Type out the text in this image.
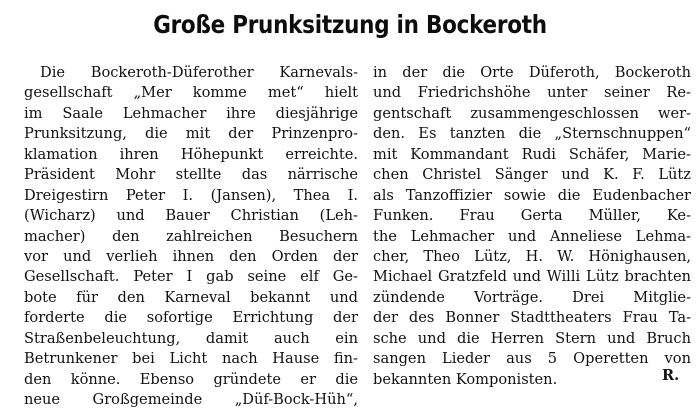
Große Prunksitzung in Bockeroth
Die Bockeroth-Düferother Karnevals-
gesellschaft „Mer komme met“ hielt
im Saale Lehmacher ihre diesjährige
Prunksitzung, die mit der Prinzenpro-
klamation ihren Höhepunkt erreichte.
Präsident Mohr stellte das närrische
Dreigestirn Peter I. (Jansen), Thea I.
(Wicharz) und Bauer Christian (Leh-
macher) den zahlreichen Besuchern
vor und verlieh ihnen den Orden der
Gesellschaft. Peter I gab seine elf Ge-
bote für den Karneval bekannt und
forderte die sofortige Errichtung der
Straßenbeleuchtung, damit auch ein
Betrunkener bei Licht nach Hause fin-
den könne. Ebenso gründete er die
neue Großgemeinde „Düf-Bock-Hüh“,
in der die Orte Düferoth, Bockeroth
und Friedrichshöhe unter seiner Re-
gentschaft zusammengeschlossen wer-
den. Es tanzten die „Sternschnuppen“
mit Kommandant Rudi Schäfer, Marie-
chen Christel Sänger und K. F. Lütz
als Tanzoffizier sowie die Eudenbacher
Funken. Frau Gerta Müller, Ke-
the Lehmacher und Anneliese Lehma-
cher, Theo Lütz, H. W. Hönighausen,
Michael Gratzfeld und Willi Lütz brachten
zündende Vorträge. Drei Mitglie-
der des Bonner Stadttheaters Frau Ta-
sche und die Herren Stern und Bruch
sangen Lieder aus 5 Operetten von
bekannten Komponisten.	R.
